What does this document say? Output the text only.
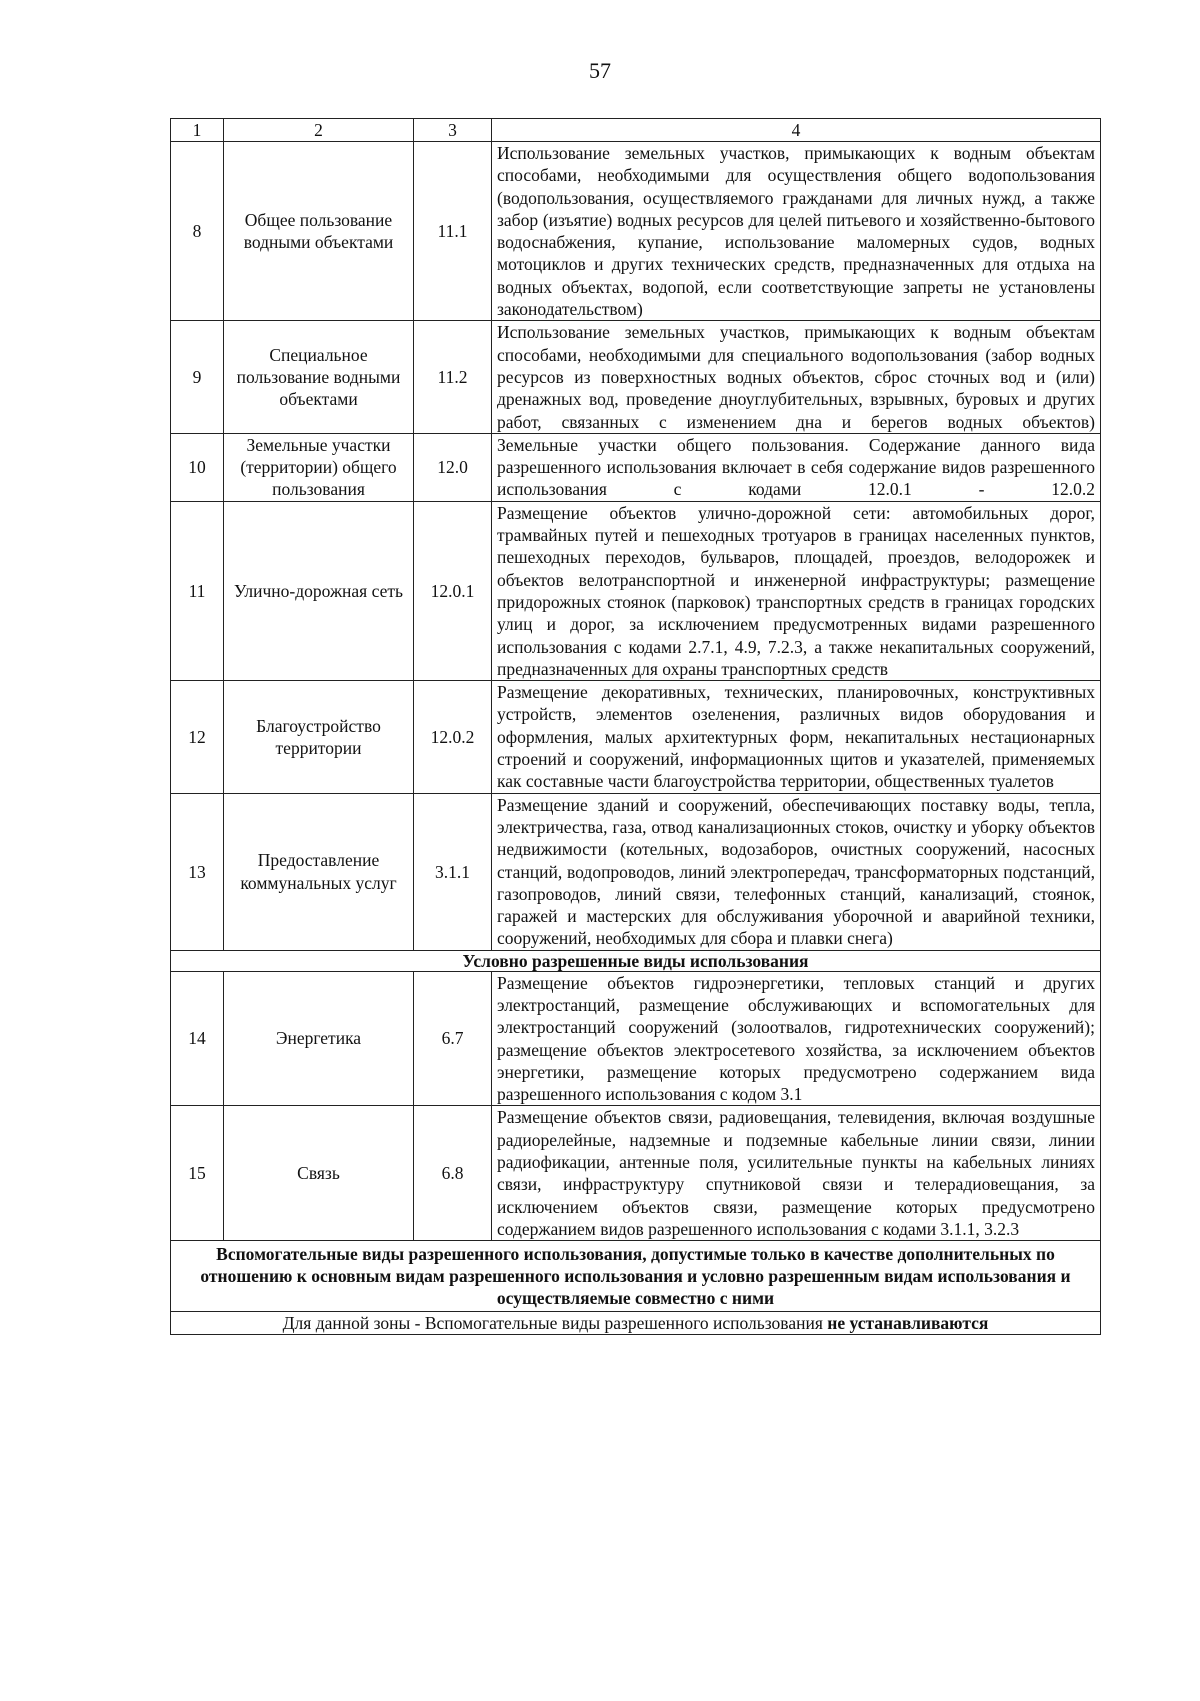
57
1	2	3	4
8	Общее пользование водными объектами	11.1	Использование земельных участков, примыкающих к водным объектам способами, необходимыми для осуществления общего водопользования (водопользования, осуществляемого гражданами для личных нужд, а также забор (изъятие) водных ресурсов для целей питьевого и хозяйственно-бытового водоснабжения, купание, использование маломерных судов, водных мотоциклов и других технических средств, предназначенных для отдыха на водных объектах, водопой, если соответствующие запреты не установлены законодательством)
9	Специальное пользование водными объектами	11.2	Использование земельных участков, примыкающих к водным объектам способами, необходимыми для специального водопользования (забор водных ресурсов из поверхностных водных объектов, сброс сточных вод и (или) дренажных вод, проведение дноуглубительных, взрывных, буровых и других работ, связанных с изменением дна и берегов водных объектов)
10	Земельные участки (территории) общего пользования	12.0	Земельные участки общего пользования. Содержание данного вида разрешенного использования включает в себя содержание видов разрешенного использования с кодами 12.0.1 - 12.0.2
11	Улично-дорожная сеть	12.0.1	Размещение объектов улично-дорожной сети: автомобильных дорог, трамвайных путей и пешеходных тротуаров в границах населенных пунктов, пешеходных переходов, бульваров, площадей, проездов, велодорожек и объектов велотранспортной и инженерной инфраструктуры; размещение придорожных стоянок (парковок) транспортных средств в границах городских улиц и дорог, за исключением предусмотренных видами разрешенного использования с кодами 2.7.1, 4.9, 7.2.3, а также некапитальных сооружений, предназначенных для охраны транспортных средств
12	Благоустройство территории	12.0.2	Размещение декоративных, технических, планировочных, конструктивных устройств, элементов озеленения, различных видов оборудования и оформления, малых архитектурных форм, некапитальных нестационарных строений и сооружений, информационных щитов и указателей, применяемых как составные части благоустройства территории, общественных туалетов
13	Предоставление коммунальных услуг	3.1.1	Размещение зданий и сооружений, обеспечивающих поставку воды, тепла, электричества, газа, отвод канализационных стоков, очистку и уборку объектов недвижимости (котельных, водозаборов, очистных сооружений, насосных станций, водопроводов, линий электропередач, трансформаторных подстанций, газопроводов, линий связи, телефонных станций, канализаций, стоянок, гаражей и мастерских для обслуживания уборочной и аварийной техники, сооружений, необходимых для сбора и плавки снега)
Условно разрешенные виды использования			
14	Энергетика	6.7	Размещение объектов гидроэнергетики, тепловых станций и других электростанций, размещение обслуживающих и вспомогательных для электростанций сооружений (золоотвалов, гидротехнических сооружений); размещение объектов электросетевого хозяйства, за исключением объектов энергетики, размещение которых предусмотрено содержанием вида разрешенного использования с кодом 3.1
15	Связь	6.8	Размещение объектов связи, радиовещания, телевидения, включая воздушные радиорелейные, надземные и подземные кабельные линии связи, линии радиофикации, антенные поля, усилительные пункты на кабельных линиях связи, инфраструктуру спутниковой связи и телерадиовещания, за исключением объектов связи, размещение которых предусмотрено содержанием видов разрешенного использования с кодами 3.1.1, 3.2.3
Вспомогательные виды разрешенного использования, допустимые только в качестве дополнительных по отношению к основным видам разрешенного использования и условно разрешенным видам использования и осуществляемые совместно с ними			
Для данной зоны - Вспомогательные виды разрешенного использования не устанавливаются			
